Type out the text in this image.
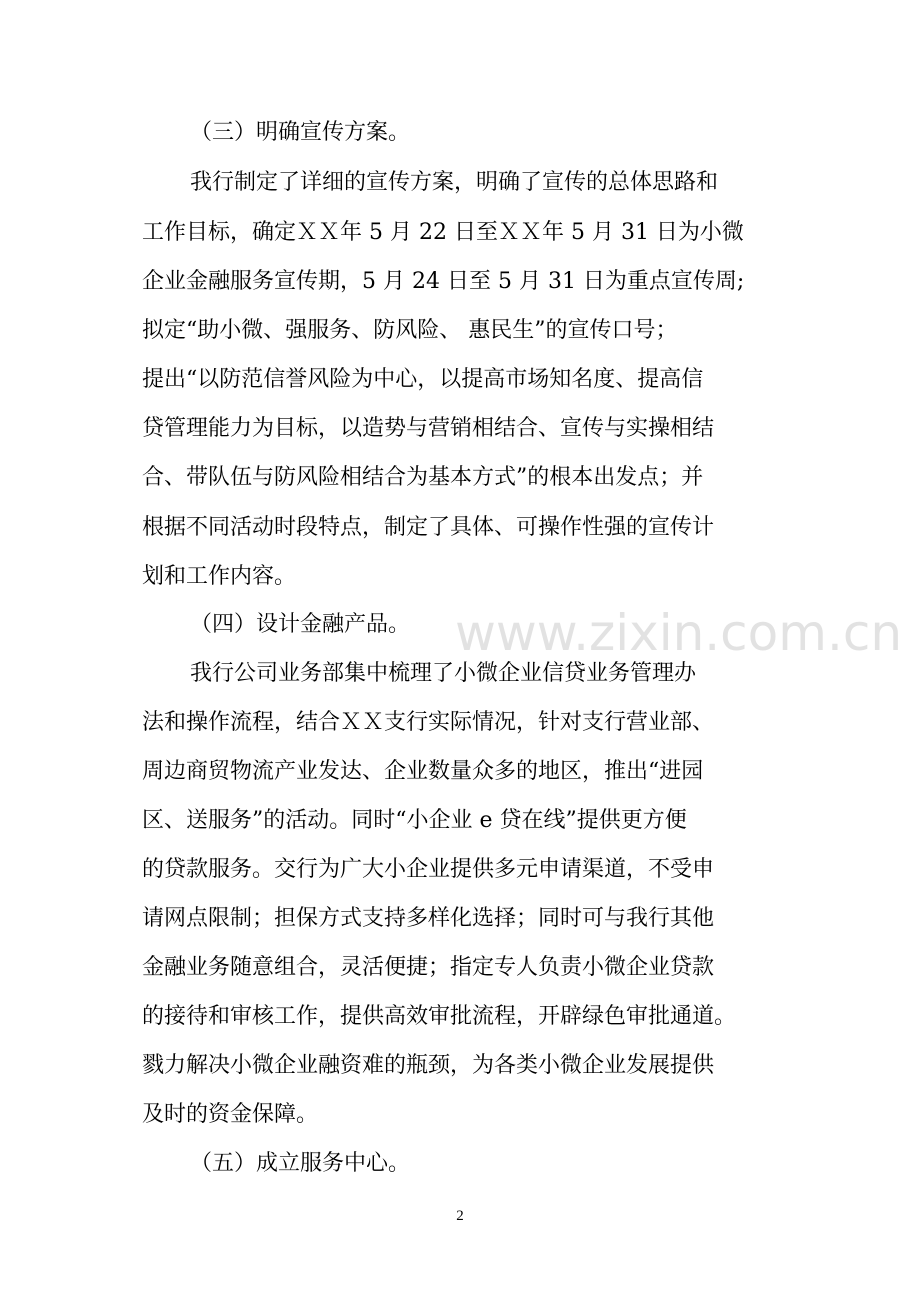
www.zixin.com.cn
（三）明确宣传方案。
我行制定了详细的宣传方案，明确了宣传的总体思路和
工作目标，确定ＸＸ年 5 月 22 日至ＸＸ年 5 月 31 日为小微
企业金融服务宣传期，5 月 24 日至 5 月 31 日为重点宣传周;
拟定“助小微、强服务、防风险、 惠民生”的宣传口号；
提出“以防范信誉风险为中心，以提高市场知名度、提高信
贷管理能力为目标，以造势与营销相结合、宣传与实操相结
合、带队伍与防风险相结合为基本方式”的根本出发点；并
根据不同活动时段特点，制定了具体、可操作性强的宣传计
划和工作内容。
（四）设计金融产品。
我行公司业务部集中梳理了小微企业信贷业务管理办
法和操作流程，结合ＸＸ支行实际情况，针对支行营业部、
周边商贸物流产业发达、企业数量众多的地区，推出“进园
区、送服务”的活动。同时“小企业 e 贷在线”提供更方便
的贷款服务。交行为广大小企业提供多元申请渠道，不受申
请网点限制；担保方式支持多样化选择；同时可与我行其他
金融业务随意组合，灵活便捷；指定专人负责小微企业贷款
的接待和审核工作，提供高效审批流程，开辟绿色审批通道。
戮力解决小微企业融资难的瓶颈，为各类小微企业发展提供
及时的资金保障。
（五）成立服务中心。
2
